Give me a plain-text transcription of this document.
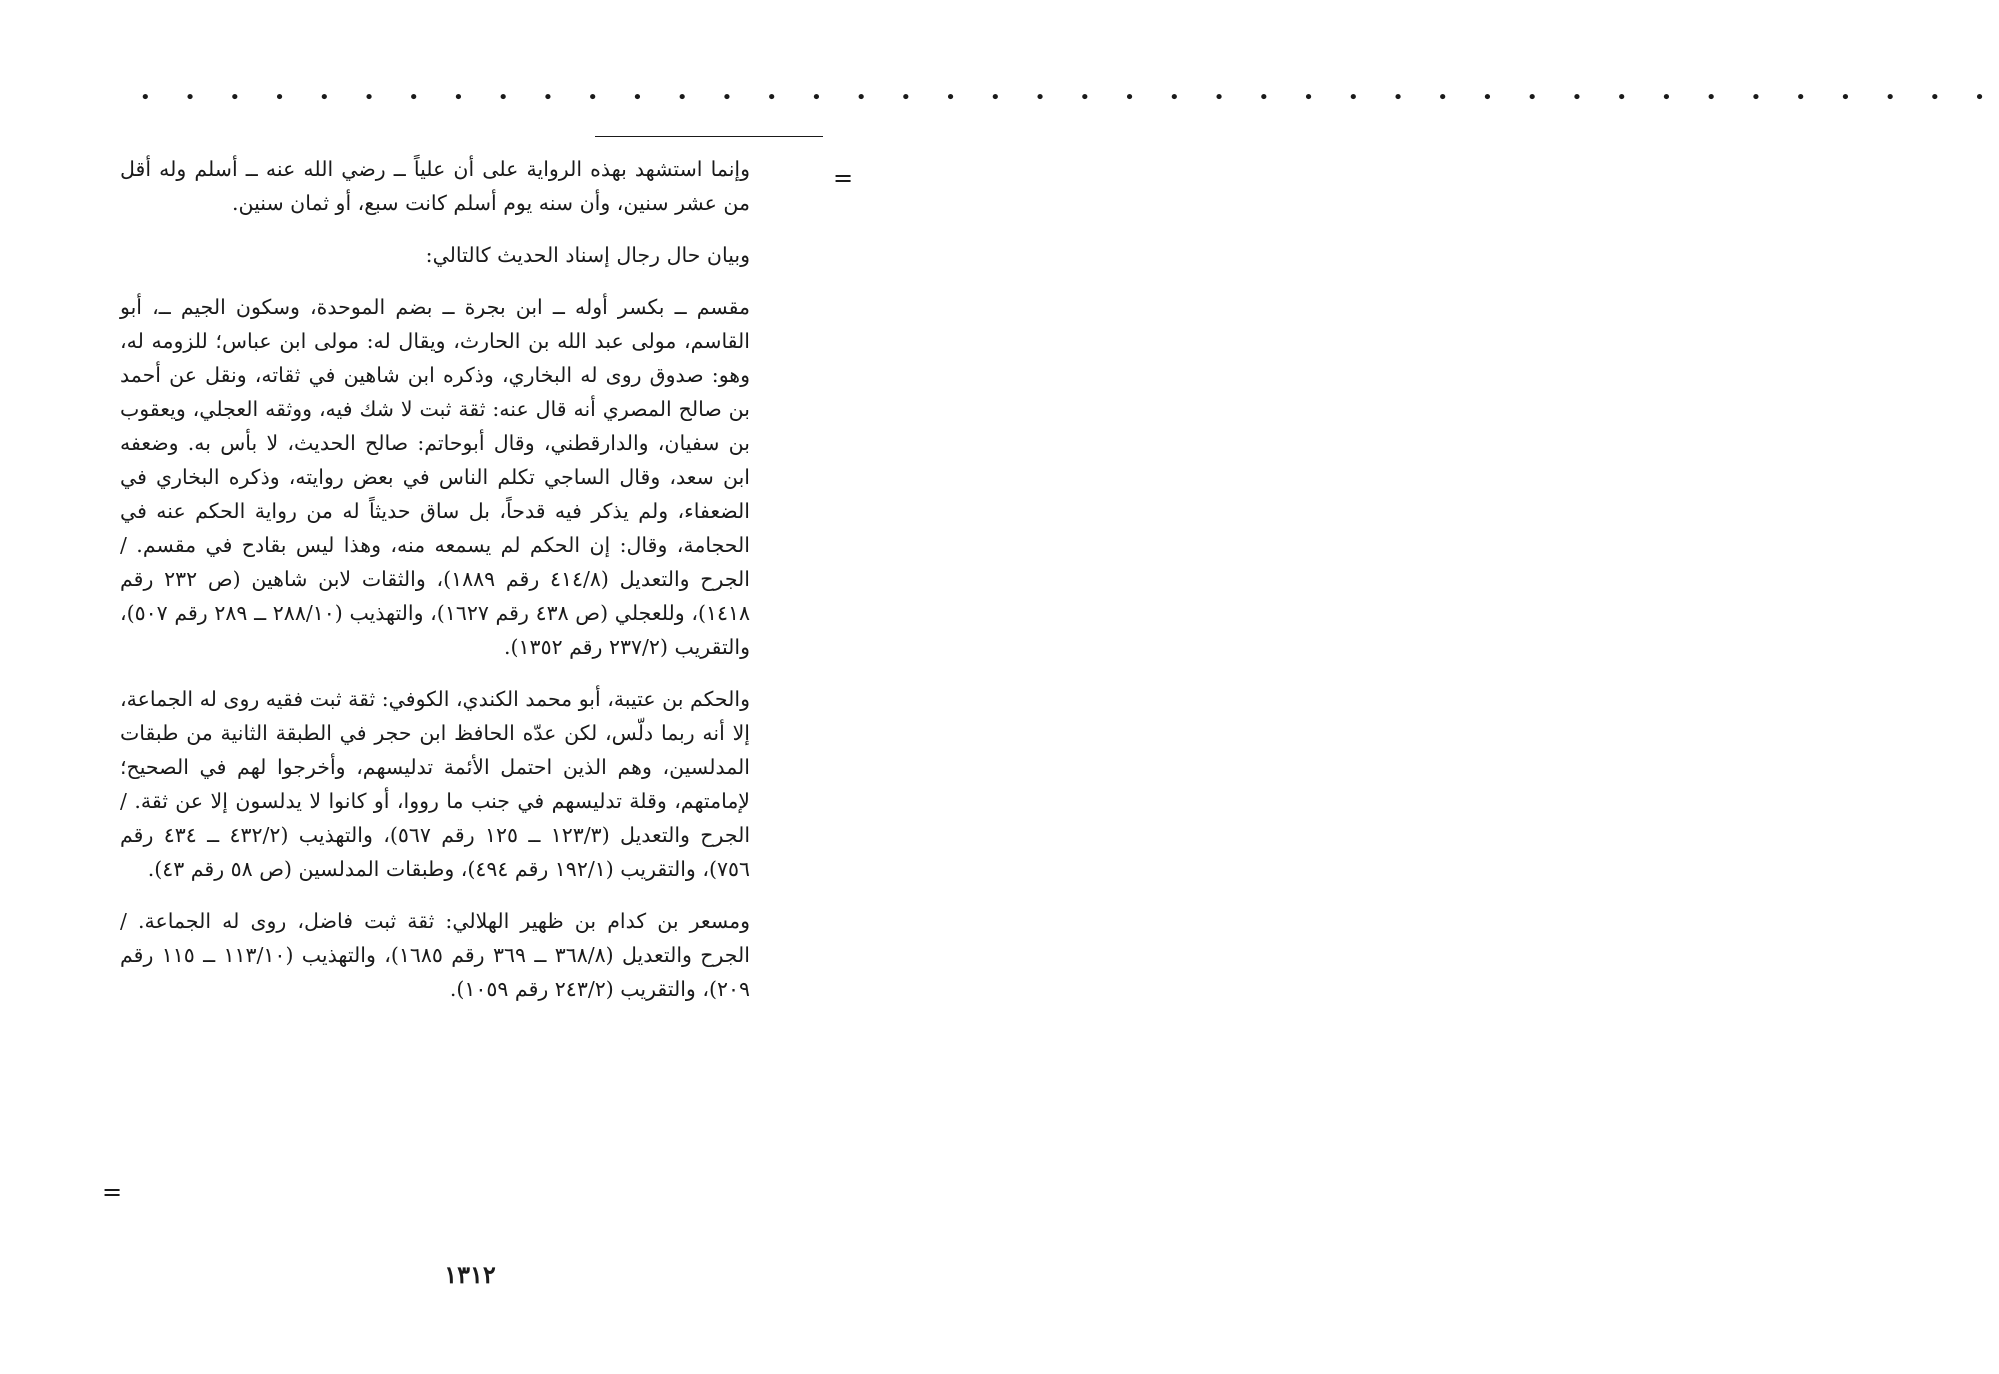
• • • • • • • • • • • • • • • • • • • • • • • • • • • • • • • • • • • • • • • • • •
=

وإنما استشهد بهذه الرواية على أن علياً ــ رضي الله عنه ــ أسلم وله أقل من عشر سنين، وأن سنه يوم أسلم كانت سبع، أو ثمان سنين.

وبيان حال رجال إسناد الحديث كالتالي:

مقسم ــ بكسر أوله ــ ابن بجرة ــ بضم الموحدة، وسكون الجيم ــ، أبو القاسم، مولى عبد الله بن الحارث، ويقال له: مولى ابن عباس؛ للزومه له، وهو: صدوق روى له البخاري، وذكره ابن شاهين في ثقاته، ونقل عن أحمد بن صالح المصري أنه قال عنه: ثقة ثبت لا شك فيه، ووثقه العجلي، ويعقوب بن سفيان، والدارقطني، وقال أبوحاتم: صالح الحديث، لا بأس به. وضعفه ابن سعد، وقال الساجي تكلم الناس في بعض روايته، وذكره البخاري في الضعفاء، ولم يذكر فيه قدحاً، بل ساق حديثاً له من رواية الحكم عنه في الحجامة، وقال: إن الحكم لم يسمعه منه، وهذا ليس بقادح في مقسم. / الجرح والتعديل (٤١٤/٨ رقم ١٨٨٩)، والثقات لابن شاهين (ص ٢٣٢ رقم ١٤١٨)، وللعجلي (ص ٤٣٨ رقم ١٦٢٧)، والتهذيب (٢٨٨/١٠ ــ ٢٨٩ رقم ٥٠٧)، والتقريب (٢٣٧/٢ رقم ١٣٥٢).

والحكم بن عتيبة، أبو محمد الكندي، الكوفي: ثقة ثبت فقيه روى له الجماعة، إلا أنه ربما دلّس، لكن عدّه الحافظ ابن حجر في الطبقة الثانية من طبقات المدلسين، وهم الذين احتمل الأئمة تدليسهم، وأخرجوا لهم في الصحيح؛ لإمامتهم، وقلة تدليسهم في جنب ما رووا، أو كانوا لا يدلسون إلا عن ثقة. / الجرح والتعديل (١٢٣/٣ ــ ١٢٥ رقم ٥٦٧)، والتهذيب (٤٣٢/٢ ــ ٤٣٤ رقم ٧٥٦)، والتقريب (١٩٢/١ رقم ٤٩٤)، وطبقات المدلسين (ص ٥٨ رقم ٤٣).

ومسعر بن كدام بن ظهير الهلالي: ثقة ثبت فاضل، روى له الجماعة. / الجرح والتعديل (٣٦٨/٨ ــ ٣٦٩ رقم ١٦٨٥)، والتهذيب (١١٣/١٠ ــ ١١٥ رقم ٢٠٩)، والتقريب (٢٤٣/٢ رقم ١٠٥٩).

=
١٣١٢
